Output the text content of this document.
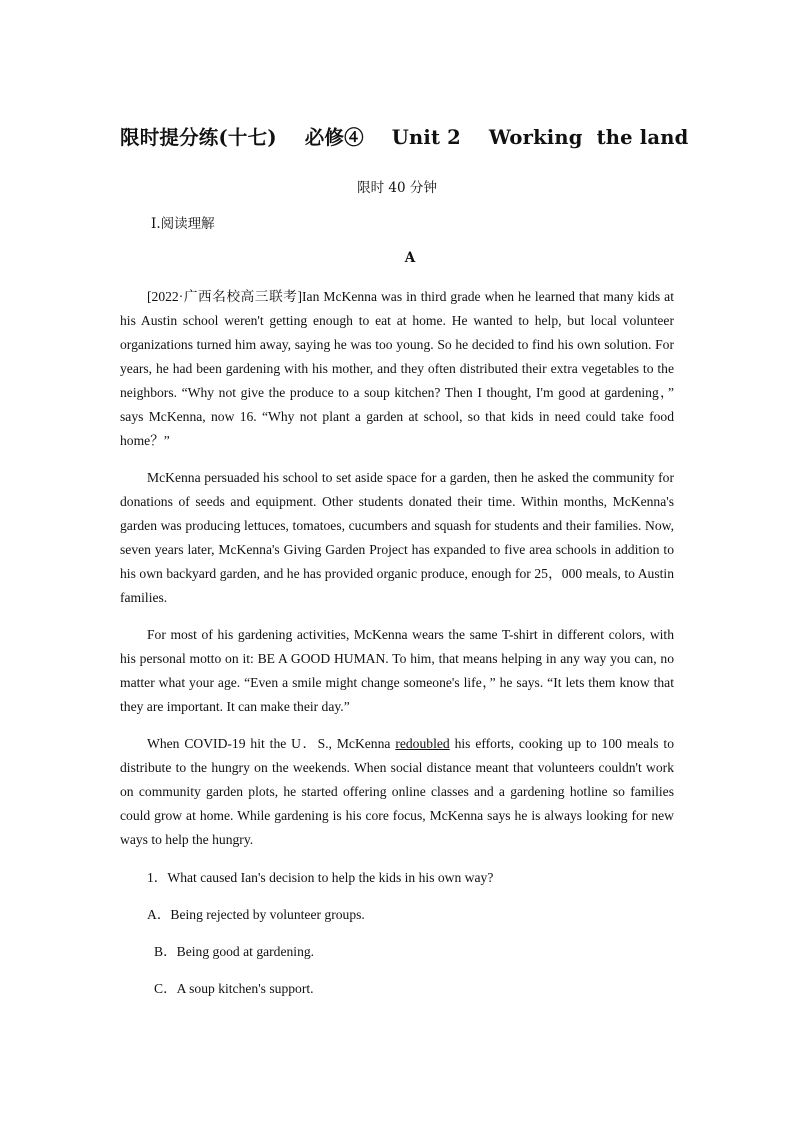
限时提分练(十七)    必修④    Unit 2    Working  the land
限时 40 分钟
Ⅰ.阅读理解
A

[2022·广西名校高三联考]Ian McKenna was in third grade when he learned that many kids at his Austin school weren't getting enough to eat at home. He wanted to help, but local volunteer organizations turned him away, saying he was too young. So he decided to find his own solution. For years, he had been gardening with his mother, and they often distributed their extra vegetables to the neighbors. “Why not give the produce to a soup kitchen? Then I thought, I'm good at gardening，” says McKenna, now 16. “Why not plant a garden at school, so that kids in need could take food home？”

McKenna persuaded his school to set aside space for a garden, then he asked the community for donations of seeds and equipment. Other students donated their time. Within months, McKenna's garden was producing lettuces, tomatoes, cucumbers and squash for students and their families. Now, seven years later, McKenna's Giving Garden Project has expanded to five area schools in addition to his own backyard garden, and he has provided organic produce, enough for 25，000 meals, to Austin families.

For most of his gardening activities, McKenna wears the same T-shirt in different colors, with his personal motto on it: BE A GOOD HUMAN. To him, that means helping in any way you can, no matter what your age. “Even a smile might change someone's life，” he says. “It lets them know that they are important. It can make their day.”

When COVID-19 hit the U．S., McKenna redoubled his efforts, cooking up to 100 meals to distribute to the hungry on the weekends. When social distance meant that volunteers couldn't work on community garden plots, he started offering online classes and a gardening hotline so families could grow at home. While gardening is his core focus, McKenna says he is always looking for new ways to help the hungry.

1．What caused Ian's decision to help the kids in his own way?

A．Being rejected by volunteer groups.

B．Being good at gardening.

C．A soup kitchen's support.
